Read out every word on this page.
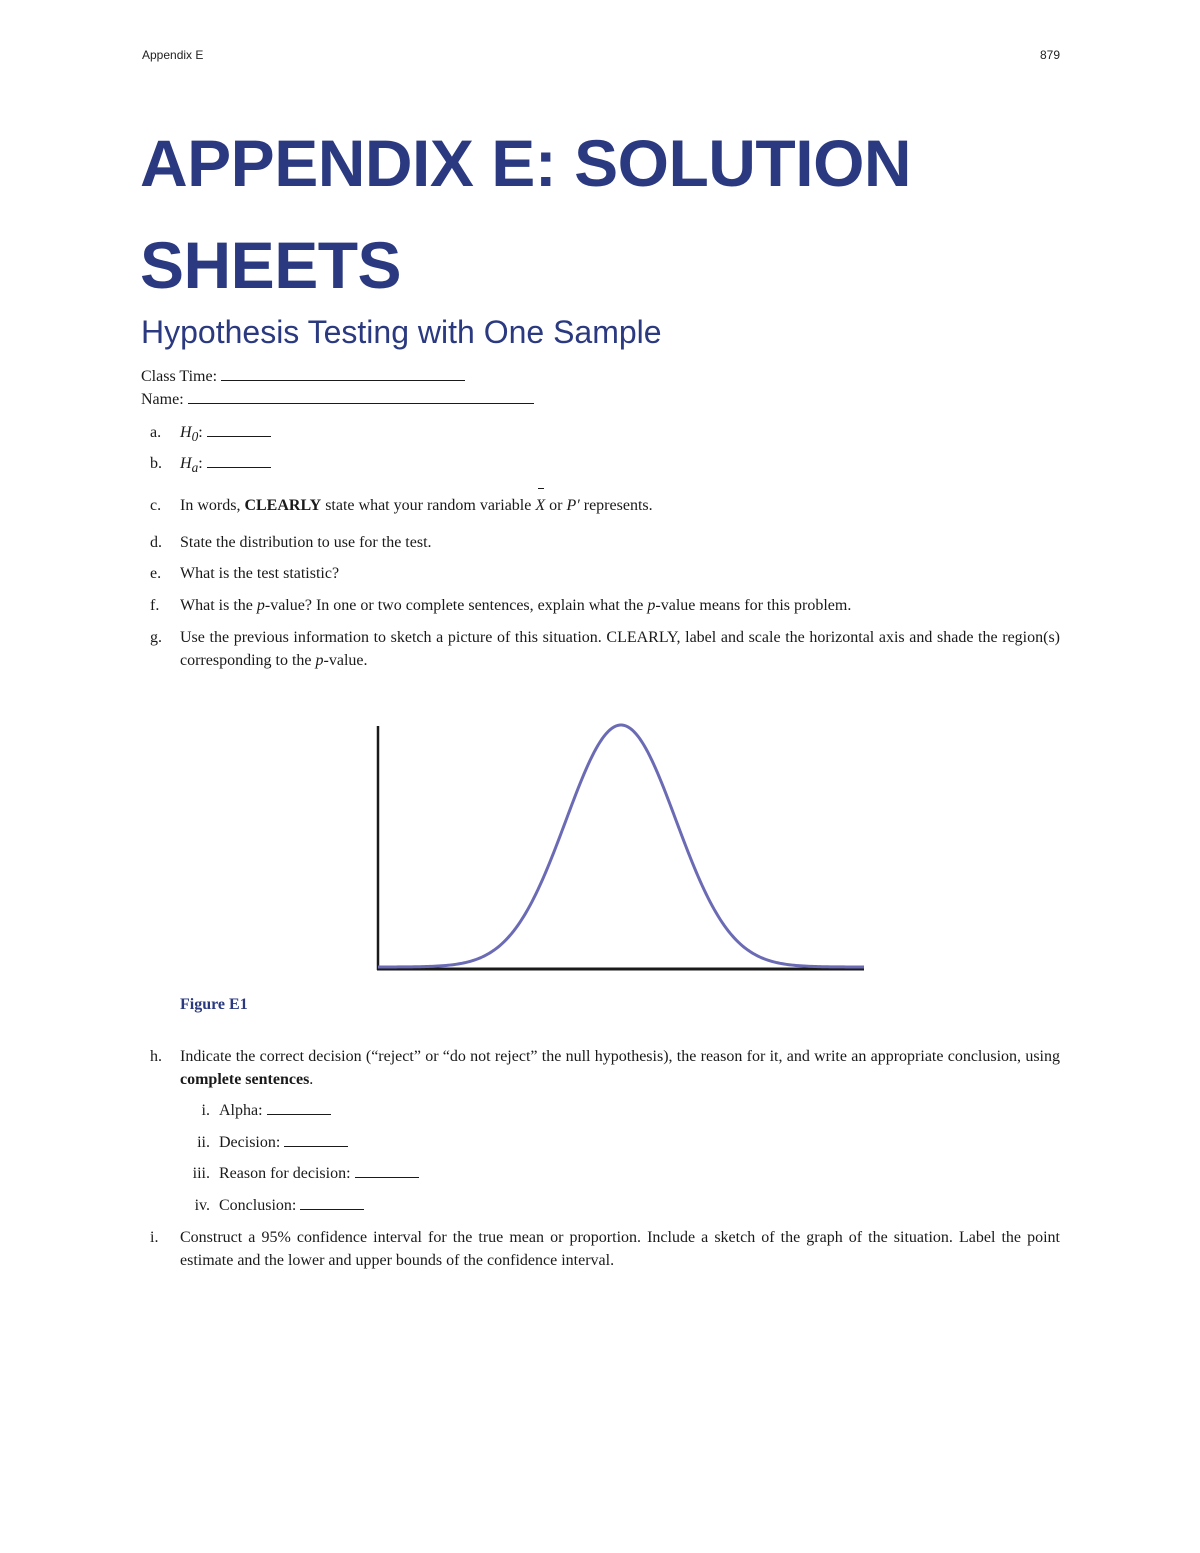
Appendix E	879
APPENDIX E: SOLUTION
SHEETS
Hypothesis Testing with One Sample
Class Time:
Name:
a.	$H_0$:
b.	$H_a$:
c.	In words, CLEARLY state what your random variable X or P′ represents.
d.	State the distribution to use for the test.
e.	What is the test statistic?
f.	What is the p-value? In one or two complete sentences, explain what the p-value means for this problem.
g.	Use the previous information to sketch a picture of this situation. CLEARLY, label and scale the horizontal axis and shade the region(s) corresponding to the p-value.
Figure E1
h.	Indicate the correct decision (“reject” or “do not reject” the null hypothesis), the reason for it, and write an appropriate conclusion, using complete sentences.
i. Alpha:
ii. Decision:
iii. Reason for decision:
iv. Conclusion:
i.	Construct a 95% confidence interval for the true mean or proportion. Include a sketch of the graph of the situation. Label the point estimate and the lower and upper bounds of the confidence interval.
